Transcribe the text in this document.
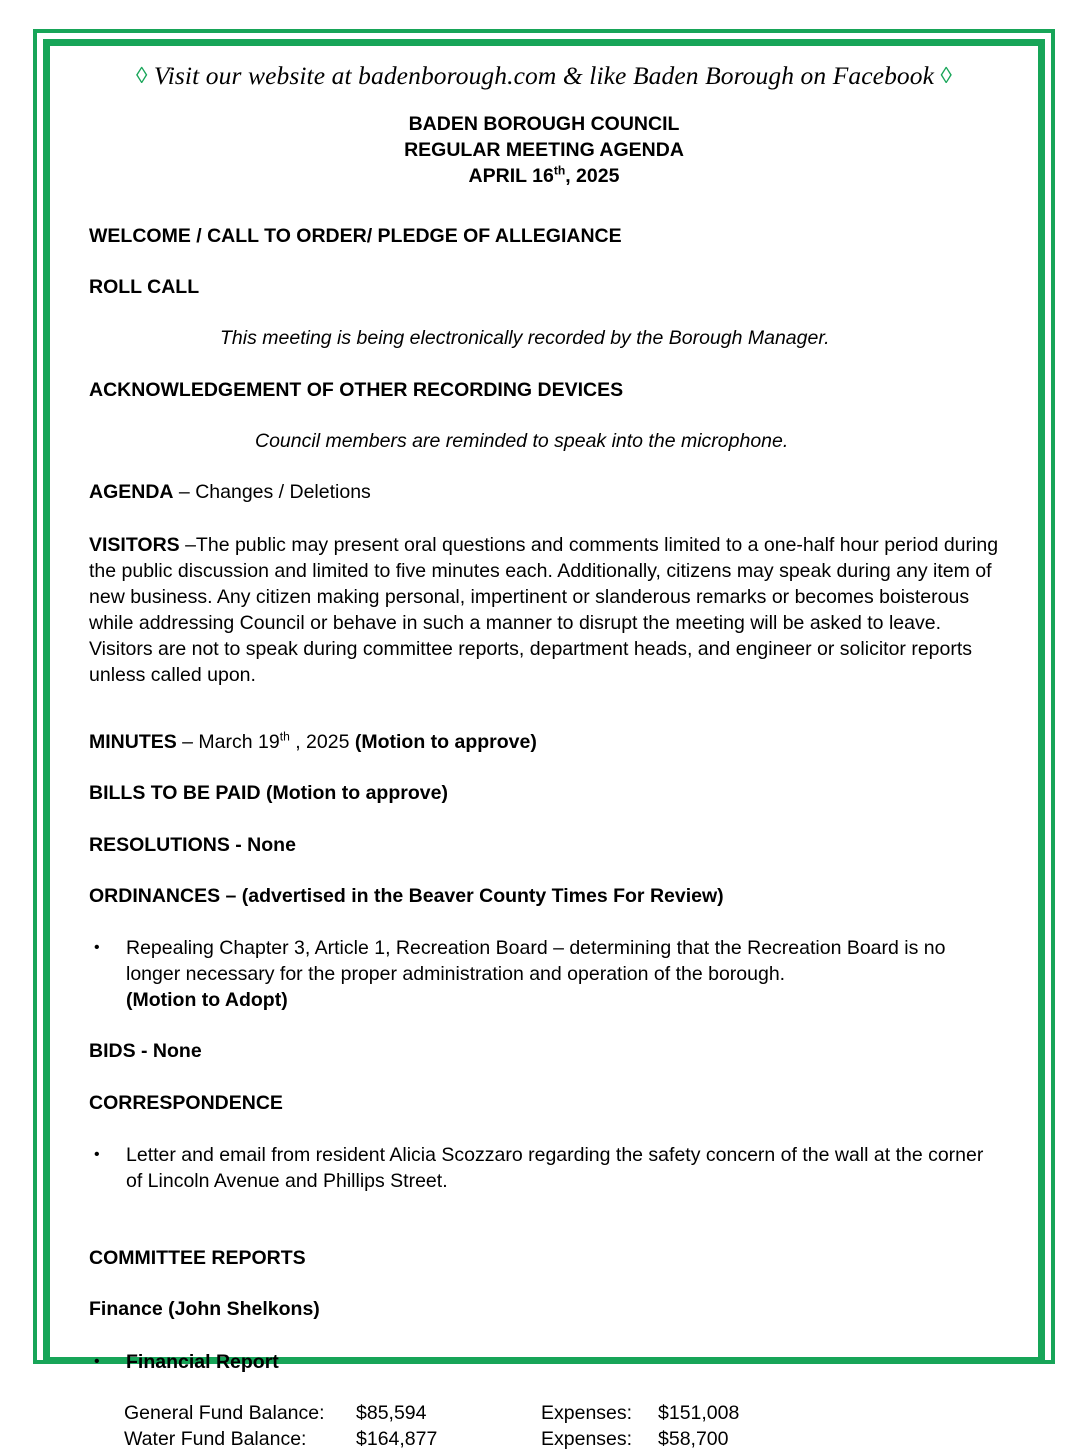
◊ Visit our website at badenborough.com & like Baden Borough on Facebook ◊
BADEN BOROUGH COUNCIL
REGULAR MEETING AGENDA
APRIL 16th, 2025
WELCOME / CALL TO ORDER/ PLEDGE OF ALLEGIANCE
ROLL CALL
This meeting is being electronically recorded by the Borough Manager.
ACKNOWLEDGEMENT OF OTHER RECORDING DEVICES
Council members are reminded to speak into the microphone.
AGENDA – Changes / Deletions
VISITORS –The public may present oral questions and comments limited to a one-half hour period during the public discussion and limited to five minutes each. Additionally, citizens may speak during any item of new business. Any citizen making personal, impertinent or slanderous remarks or becomes boisterous while addressing Council or behave in such a manner to disrupt the meeting will be asked to leave. Visitors are not to speak during committee reports, department heads, and engineer or solicitor reports unless called upon.
MINUTES – March 19th , 2025 (Motion to approve)
BILLS TO BE PAID (Motion to approve)
RESOLUTIONS - None
ORDINANCES – (advertised in the Beaver County Times For Review)
•	Repealing Chapter 3, Article 1, Recreation Board – determining that the Recreation Board is no longer necessary for the proper administration and operation of the borough.
(Motion to Adopt)
BIDS - None
CORRESPONDENCE
•	Letter and email from resident Alicia Scozzaro regarding the safety concern of the wall at the corner of Lincoln Avenue and Phillips Street.
COMMITTEE REPORTS
Finance (John Shelkons)
•	Financial Report
General Fund Balance:	$85,594	Expenses:	$151,008
Water Fund Balance:	$164,877	Expenses:	$58,700
